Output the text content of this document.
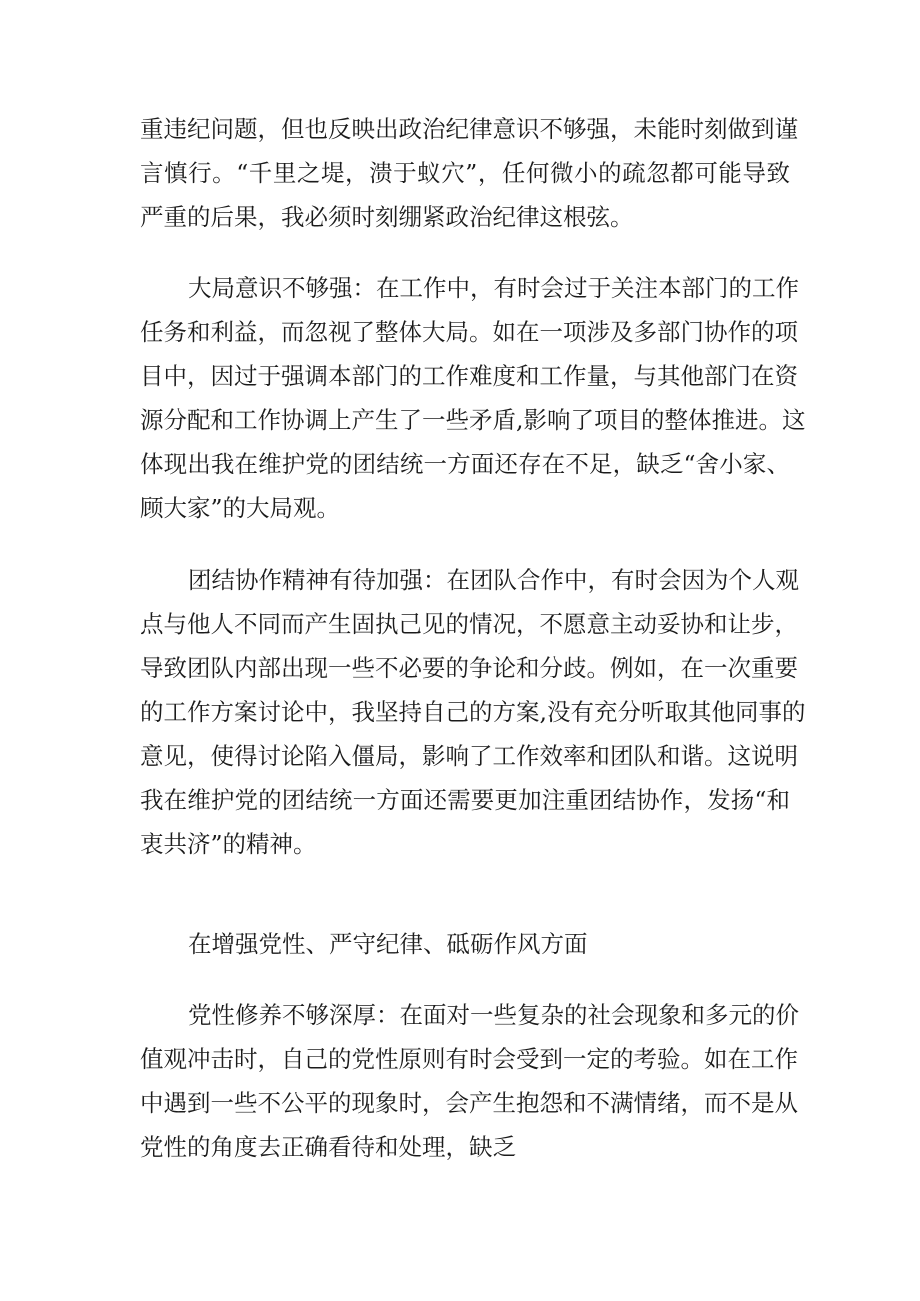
重违纪问题，但也反映出政治纪律意识不够强，未能时刻做到谨
言慎行。“千里之堤，溃于蚁穴”，任何微小的疏忽都可能导致
严重的后果，我必须时刻绷紧政治纪律这根弦。
大局意识不够强：在工作中，有时会过于关注本部门的工作
任务和利益，而忽视了整体大局。如在一项涉及多部门协作的项
目中，因过于强调本部门的工作难度和工作量，与其他部门在资
源分配和工作协调上产生了一些矛盾,影响了项目的整体推进。这
体现出我在维护党的团结统一方面还存在不足，缺乏“舍小家、
顾大家”的大局观。
团结协作精神有待加强：在团队合作中，有时会因为个人观
点与他人不同而产生固执己见的情况，不愿意主动妥协和让步，
导致团队内部出现一些不必要的争论和分歧。例如，在一次重要
的工作方案讨论中，我坚持自己的方案,没有充分听取其他同事的
意见，使得讨论陷入僵局，影响了工作效率和团队和谐。这说明
我在维护党的团结统一方面还需要更加注重团结协作，发扬“和
衷共济”的精神。
在增强党性、严守纪律、砥砺作风方面
党性修养不够深厚：在面对一些复杂的社会现象和多元的价
值观冲击时，自己的党性原则有时会受到一定的考验。如在工作
中遇到一些不公平的现象时，会产生抱怨和不满情绪，而不是从
党性的角度去正确看待和处理，缺乏
